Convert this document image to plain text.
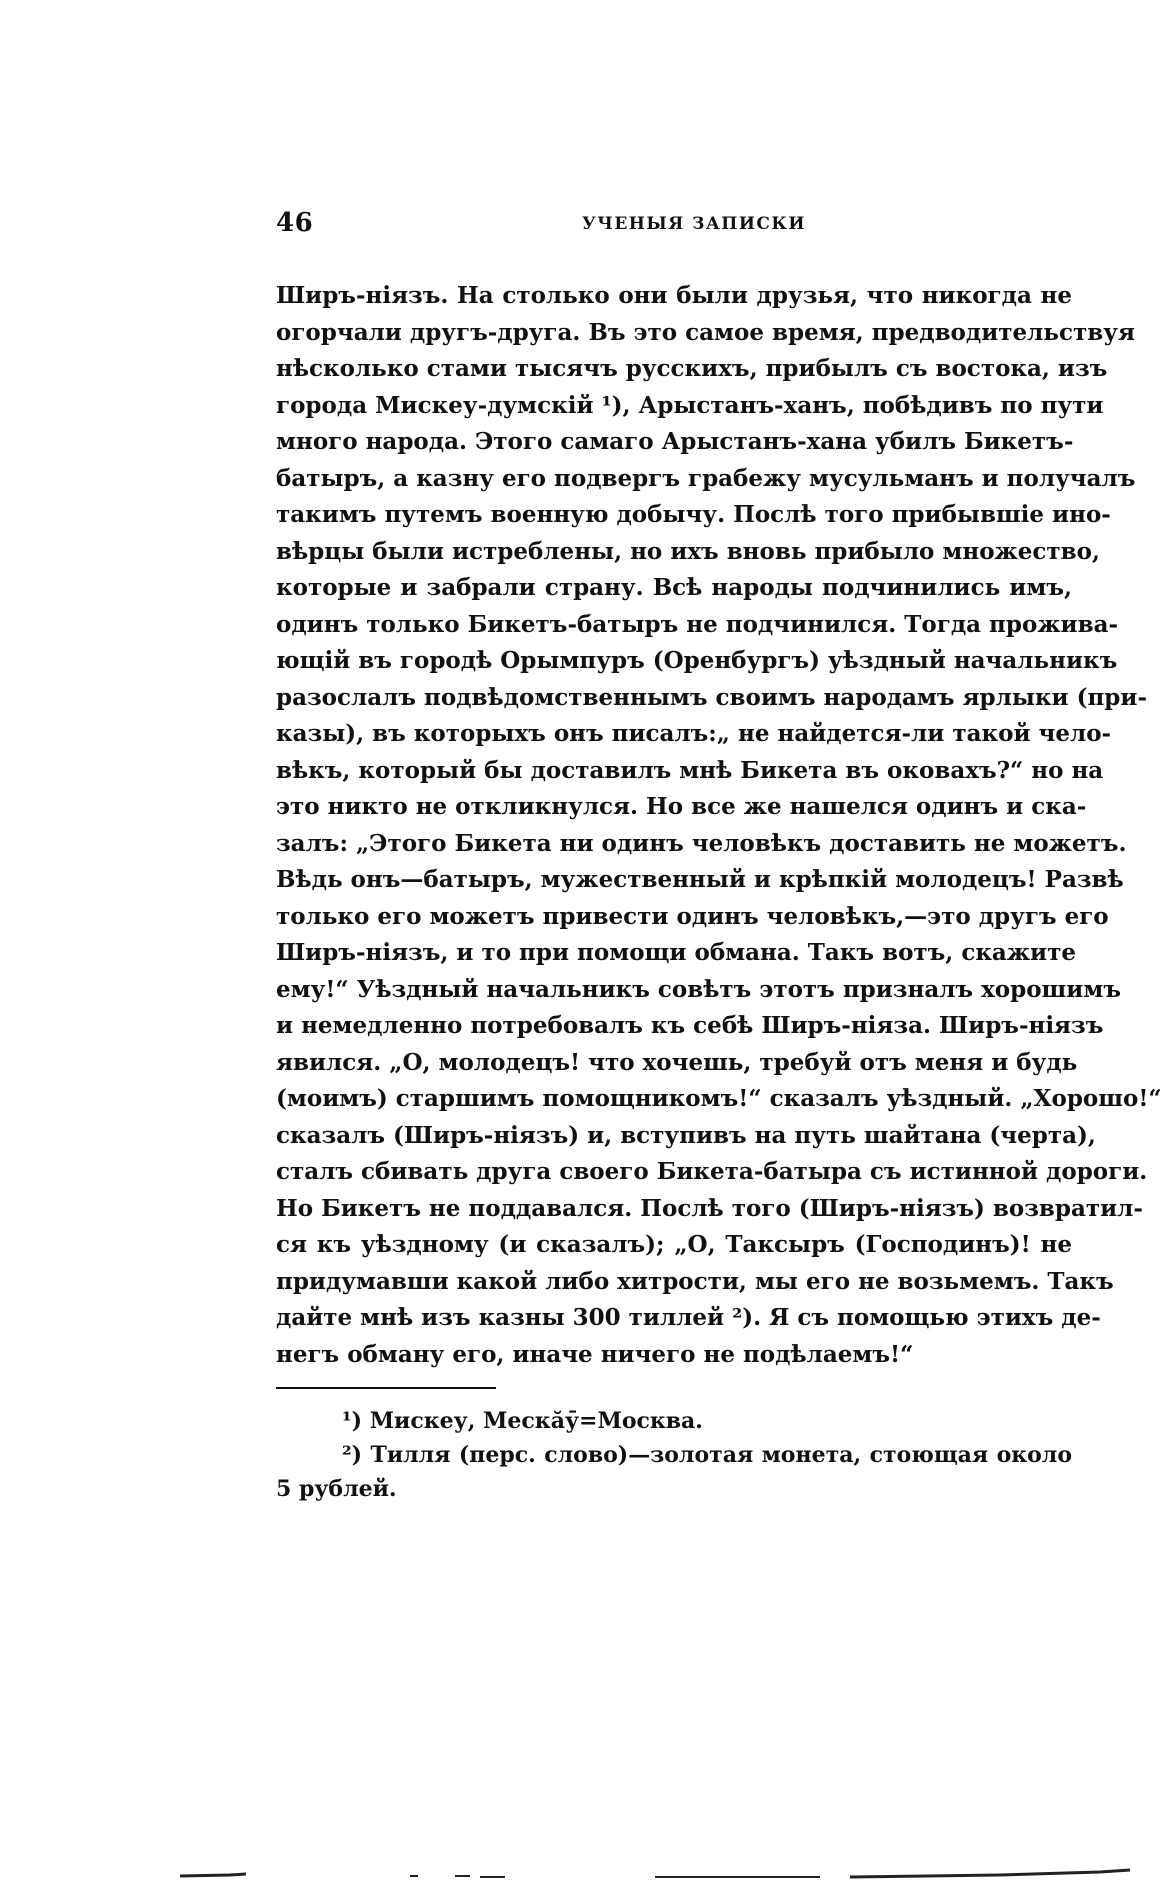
46	УЧЕНЫЯ ЗАПИСКИ
Ширъ-ніязъ. На столько они были друзья, что никогда не
огорчали другъ-друга. Въ это самое время, предводительствуя
нѣсколько стами тысячъ русскихъ, прибылъ съ востока, изъ
города Мискеу-думскій ¹), Арыстанъ-ханъ, побѣдивъ по пути
много народа. Этого самаго Арыстанъ-хана убилъ Бикетъ-
батыръ, а казну его подвергъ грабежу мусульманъ и получалъ
такимъ путемъ военную добычу. Послѣ того прибывшіе ино-
вѣрцы были истреблены, но ихъ вновь прибыло множество,
которые и забрали страну. Всѣ народы подчинились имъ,
одинъ только Бикетъ-батыръ не подчинился. Тогда прожива-
ющій въ городѣ Орымпуръ (Оренбургъ) уѣздный начальникъ
разослалъ подвѣдомственнымъ своимъ народамъ ярлыки (при-
казы), въ которыхъ онъ писалъ:„ не найдется-ли такой чело-
вѣкъ, который бы доставилъ мнѣ Бикета въ оковахъ?“ но на
это никто не откликнулся. Но все же нашелся одинъ и ска-
залъ: „Этого Бикета ни одинъ человѣкъ доставить не можетъ.
Вѣдь онъ—батыръ, мужественный и крѣпкій молодецъ! Развѣ
только его можетъ привести одинъ человѣкъ,—это другъ его
Ширъ-ніязъ, и то при помощи обмана. Такъ вотъ, скажите
ему!“ Уѣздный начальникъ совѣтъ этотъ призналъ хорошимъ
и немедленно потребовалъ къ себѣ Ширъ-нiяза. Ширъ-ніязъ
явился. „О, молодецъ! что хочешь, требуй отъ меня и будь
(моимъ) старшимъ помощникомъ!“ сказалъ уѣздный. „Хорошо!“
сказалъ (Ширъ-ніязъ) и, вступивъ на путь шайтана (черта),
сталъ сбивать друга своего Бикета-батыра съ истинной дороги.
Но Бикетъ не поддавался. Послѣ того (Ширъ-ніязъ) возвратил-
ся къ уѣздному (и сказалъ); „О, Таксыръ (Господинъ)! не
придумавши какой либо хитрости, мы его не возьмемъ. Такъ
дайте мнѣ изъ казны 300 тиллей ²). Я съ помощью этихъ де-
негъ обману его, иначе ничего не подѣлаемъ!“
¹) Мискеу, Мескӑӯ=Москва.
²) Тилля (перс. слово)—золотая монета, стоющая около
5 рублей.
